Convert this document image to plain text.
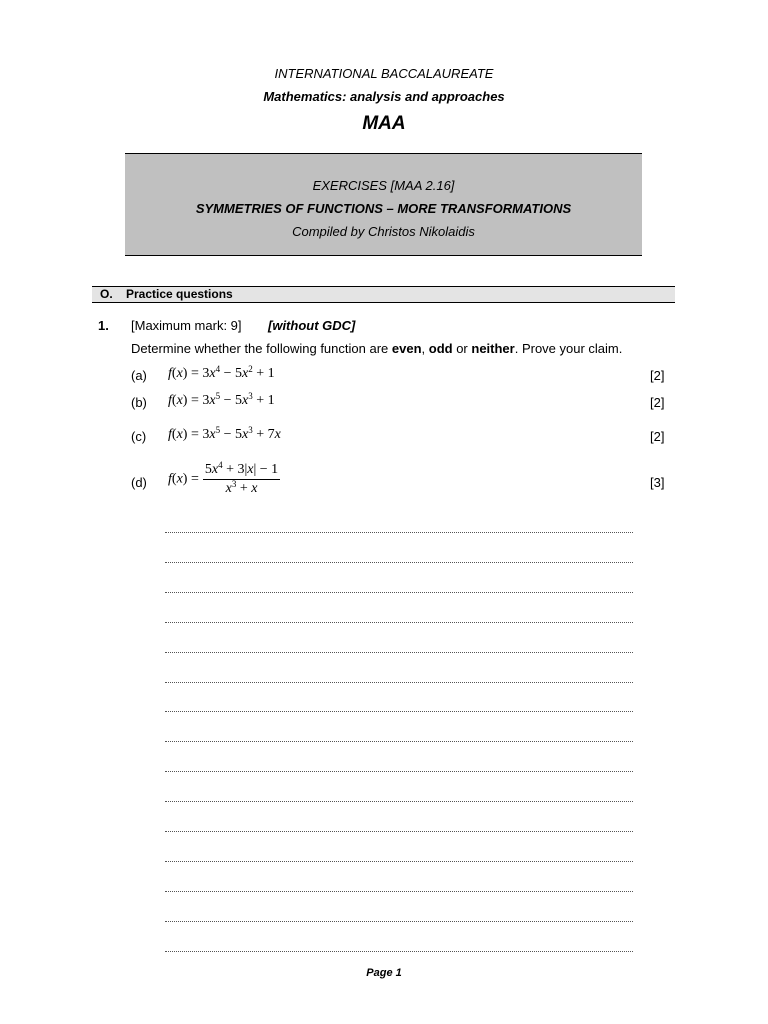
INTERNATIONAL BACCALAUREATE
Mathematics: analysis and approaches
MAA
EXERCISES [MAA 2.16]
SYMMETRIES OF FUNCTIONS – MORE TRANSFORMATIONS
Compiled by Christos Nikolaidis
O. Practice questions
1. [Maximum mark: 9] [without GDC]
Determine whether the following function are even, odd or neither. Prove your claim.
(a) $f(x) = 3x^4 - 5x^2 + 1$	[2]
(b) $f(x) = 3x^5 - 5x^3 + 1$	[2]
(c) $f(x) = 3x^5 - 5x^3 + 7x$	[2]
(d) $f(x) = \frac{5x^4 + 3|x| - 1}{x^3 + x}$	[3]
Page 1
